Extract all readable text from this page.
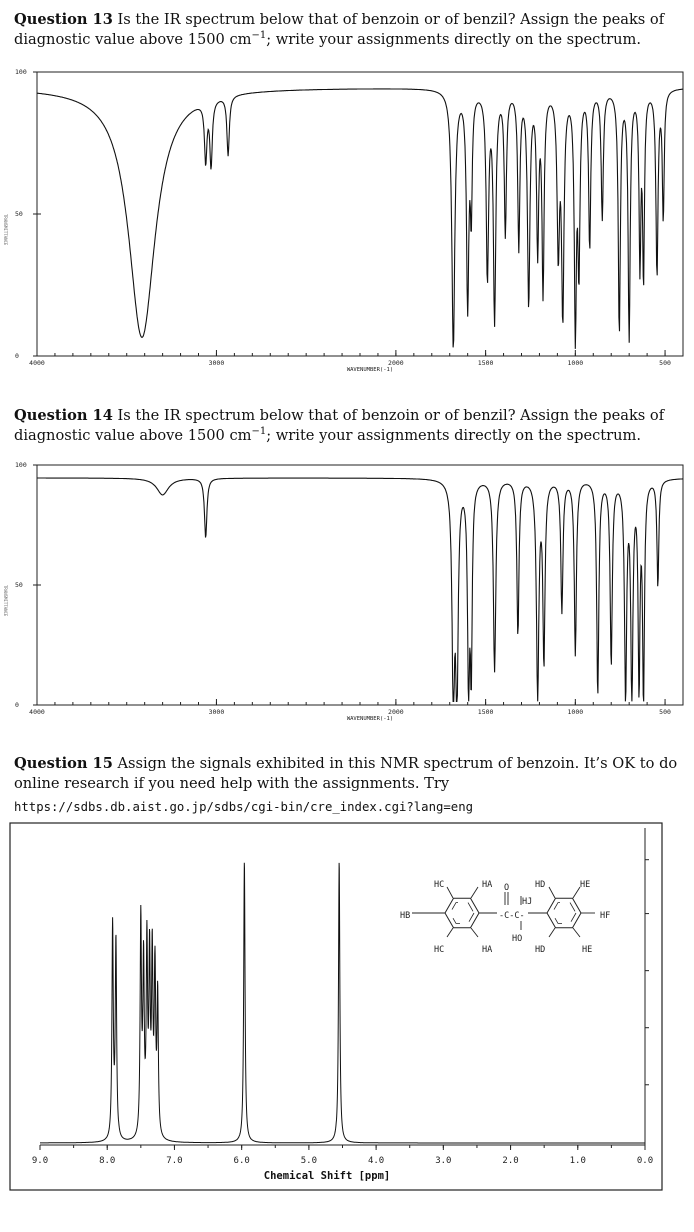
Question 13 Is the IR spectrum below that of benzoin or of benzil? Assign the peaks of diagnostic value above 1500 $cm^{-1}$; write your assignments directly on the spectrum.
4000	3000	2000	1500	1000	500
100
50
0
WAVENUMBER(-1)
TRANSMITTANCE
Question 14 Is the IR spectrum below that of benzoin or of benzil? Assign the peaks of diagnostic value above 1500 $cm^{-1}$; write your assignments directly on the spectrum.
4000	3000	2000	1500	1000	500
100
50
0
WAVENUMBER(-1)
TRANSMITTANCE
Question 15 Assign the signals exhibited in this NMR spectrum of benzoin. It’s OK to do online research if you need help with the assignments. Try
https://sdbs.db.aist.go.jp/sdbs/cgi-bin/cre_index.cgi?lang=eng
9.0	8.0	7.0	6.0	5.0	4.0	3.0	2.0	1.0	0.0
Chemical Shift [ppm]
HC	HA	HD	HE
HB
HJ
HF
HO
HC	HA	HD	HE
O
-C-C-
